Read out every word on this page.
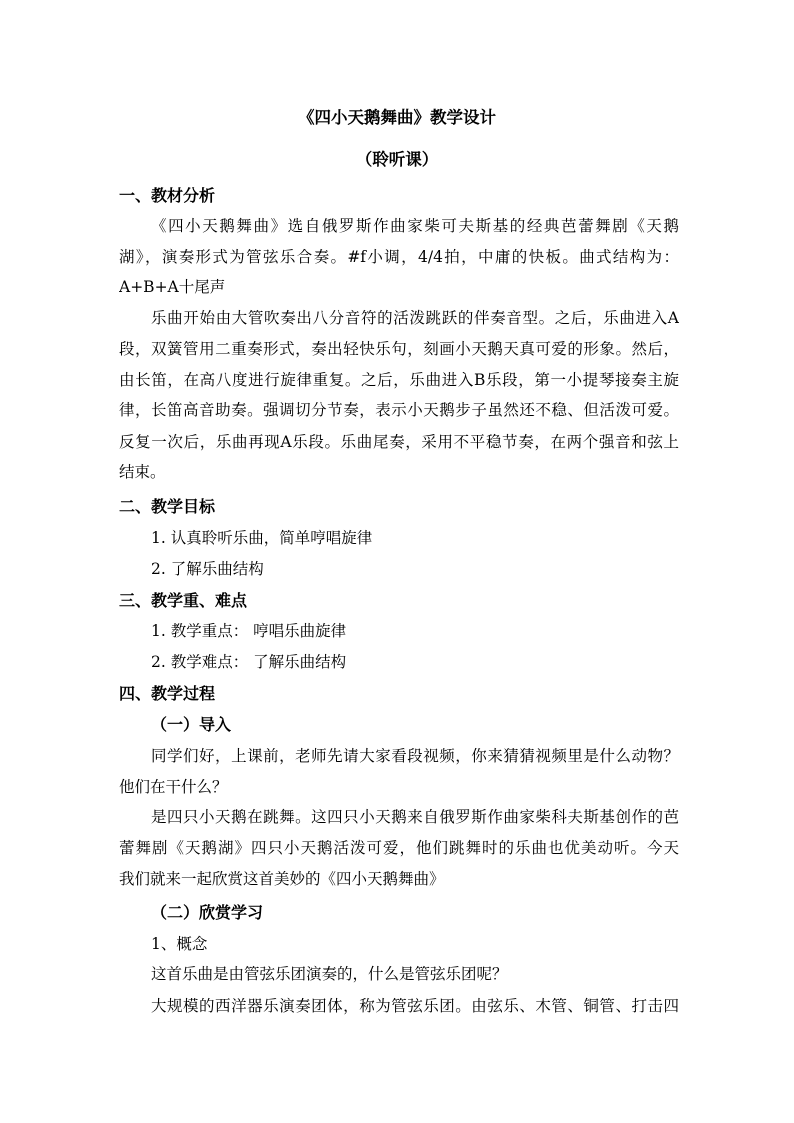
《四小天鹅舞曲》教学设计
（聆听课）
一、教材分析
《四小天鹅舞曲》选自俄罗斯作曲家柴可夫斯基的经典芭蕾舞剧《天鹅
湖》，演奏形式为管弦乐合奏。#f小调，4/4拍，中庸的快板。曲式结构为：
A+B+A十尾声
乐曲开始由大管吹奏出八分音符的活泼跳跃的伴奏音型。之后，乐曲进入A
段，双簧管用二重奏形式，奏出轻快乐句，刻画小天鹅天真可爱的形象。然后，
由长笛，在高八度进行旋律重复。之后，乐曲进入B乐段，第一小提琴接奏主旋
律，长笛高音助奏。强调切分节奏，表示小天鹅步子虽然还不稳、但活泼可爱。
反复一次后，乐曲再现A乐段。乐曲尾奏，采用不平稳节奏，在两个强音和弦上
结束。
二、教学目标
1. 认真聆听乐曲，简单哼唱旋律
2. 了解乐曲结构
三、教学重、难点
1. 教学重点： 哼唱乐曲旋律
2. 教学难点： 了解乐曲结构
四、教学过程
（一）导入
同学们好，上课前，老师先请大家看段视频，你来猜猜视频里是什么动物？
他们在干什么？
是四只小天鹅在跳舞。这四只小天鹅来自俄罗斯作曲家柴科夫斯基创作的芭
蕾舞剧《天鹅湖》四只小天鹅活泼可爱，他们跳舞时的乐曲也优美动听。今天
我们就来一起欣赏这首美妙的《四小天鹅舞曲》
（二）欣赏学习
1、概念
这首乐曲是由管弦乐团演奏的，什么是管弦乐团呢？
大规模的西洋器乐演奏团体，称为管弦乐团。由弦乐、木管、铜管、打击四
